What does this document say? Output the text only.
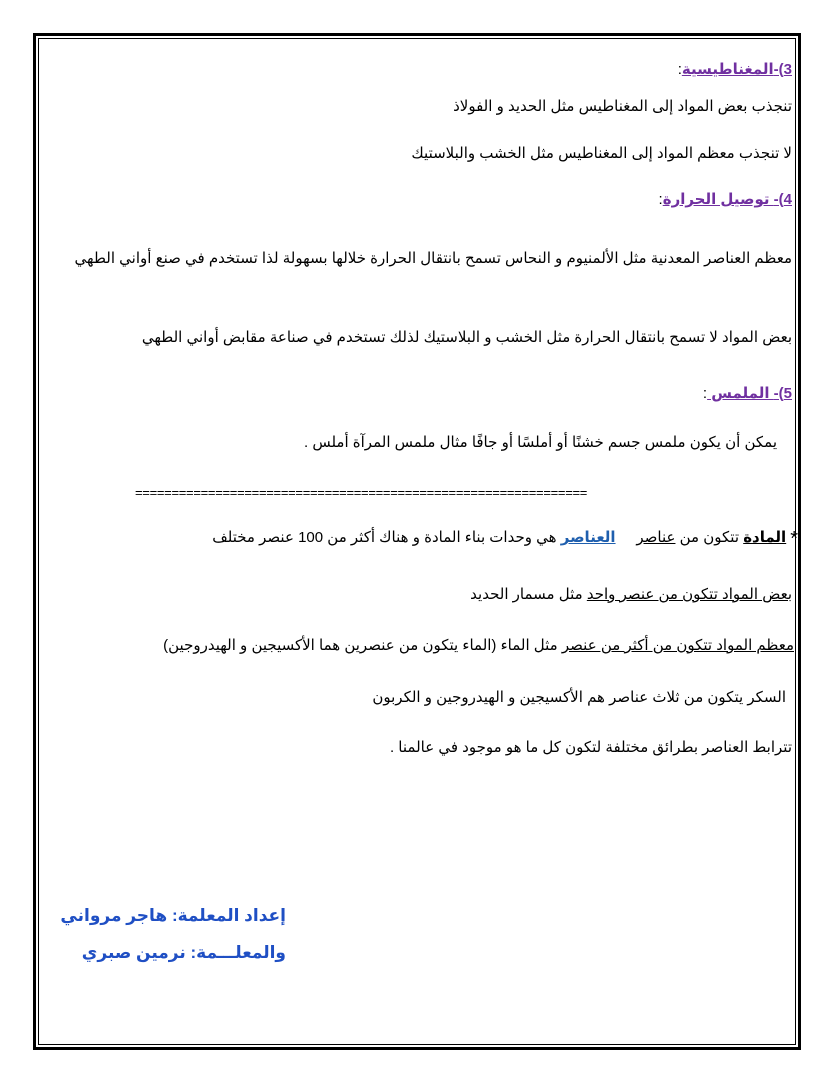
3)-المغناطيسية:
تنجذب بعض المواد إلى المغناطيس مثل الحديد و الفولاذ
لا تنجذب معظم المواد إلى المغناطيس مثل الخشب والبلاستيك
4)- توصيل الحرارة:
معظم العناصر المعدنية مثل الألمنيوم و النحاس تسمح بانتقال الحرارة خلالها بسهولة لذا تستخدم في صنع أواني الطهي
بعض المواد لا تسمح بانتقال الحرارة مثل الخشب و البلاستيك لذلك تستخدم في صناعة مقابض أواني الطهي
5)- الملمس :
يمكن أن يكون ملمس جسم خشنًا أو أملسًا أو جافًا مثال ملمس المرآة أملس .
==============================================================
*المادة تتكون من عناصر     العناصر هي وحدات بناء المادة و هناك أكثر من 100 عنصر مختلف
بعض المواد تتكون من عنصر واحد مثل مسمار الحديد
معظم المواد تتكون من أكثر من عنصر مثل الماء (الماء يتكون من عنصرين هما الأكسيجين و الهيدروجين)
السكر يتكون من ثلاث عناصر هم الأكسيجين و الهيدروجين و الكربون
تترابط العناصر بطرائق مختلفة لتكون كل ما هو موجود في عالمنا .
إعداد المعلمة: هاجر مرواني
والمعلـــمة: نرمين صبري
